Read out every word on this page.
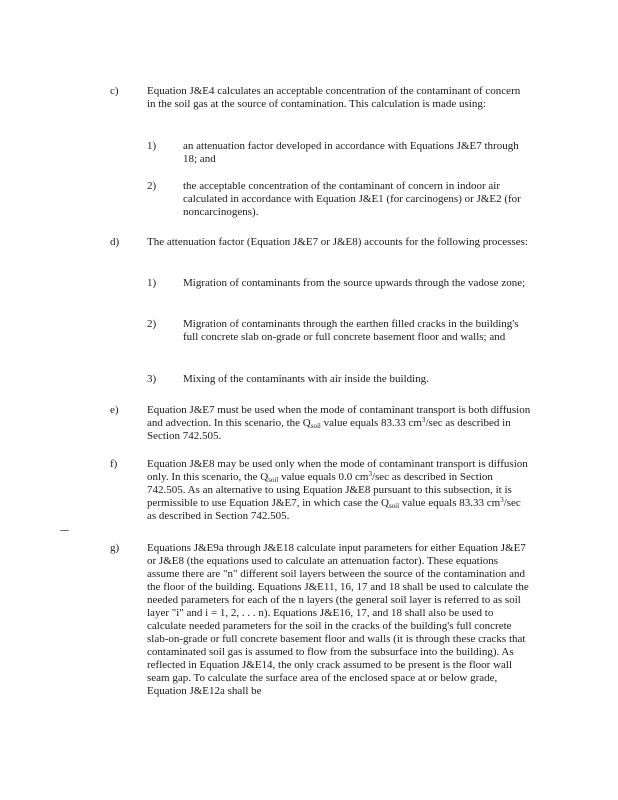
---
c)	Equation J&E4 calculates an acceptable concentration of the contaminant of concern in the soil gas at the source of contamination. This calculation is made using:
1) an attenuation factor developed in accordance with Equations J&E7 through 18; and
2) the acceptable concentration of the contaminant of concern in indoor air calculated in accordance with Equation J&E1 (for carcinogens) or J&E2 (for noncarcinogens).
d)	The attenuation factor (Equation J&E7 or J&E8) accounts for the following processes:
1) Migration of contaminants from the source upwards through the vadose zone;
2) Migration of contaminants through the earthen filled cracks in the building's full concrete slab on-grade or full concrete basement floor and walls; and
3) Mixing of the contaminants with air inside the building.
e)	Equation J&E7 must be used when the mode of contaminant transport is both diffusion and advection. In this scenario, the $Q_{soil}$ value equals 83.33 $cm^3/\sec$ as described in Section 742.505.
f)	Equation J&E8 may be used only when the mode of contaminant transport is diffusion only. In this scenario, the $Q_{soil}$ value equals 0.0 $cm^3/\sec$ as described in Section 742.505. As an alternative to using Equation J&E8 pursuant to this subsection, it is permissible to use Equation J&E7, in which case the $Q_{soil}$ value equals 83.33 $cm^3/\sec$ as described in Section 742.505.
g)	Equations J&E9a through J&E18 calculate input parameters for either Equation J&E7 or J&E8 (the equations used to calculate an attenuation factor). These equations assume there are "n" different soil layers between the source of the contamination and the floor of the building. Equations J&E11, 16, 17 and 18 shall be used to calculate the needed parameters for each of the n layers (the general soil layer is referred to as soil layer "i" and i = 1, 2, . . . n). Equations J&E16, 17, and 18 shall also be used to calculate needed parameters for the soil in the cracks of the building's full concrete slab-on-grade or full concrete basement floor and walls (it is through these cracks that contaminated soil gas is assumed to flow from the subsurface into the building). As reflected in Equation J&E14, the only crack assumed to be present is the floor wall seam gap. To calculate the surface area of the enclosed space at or below grade, Equation J&E12a shall be
